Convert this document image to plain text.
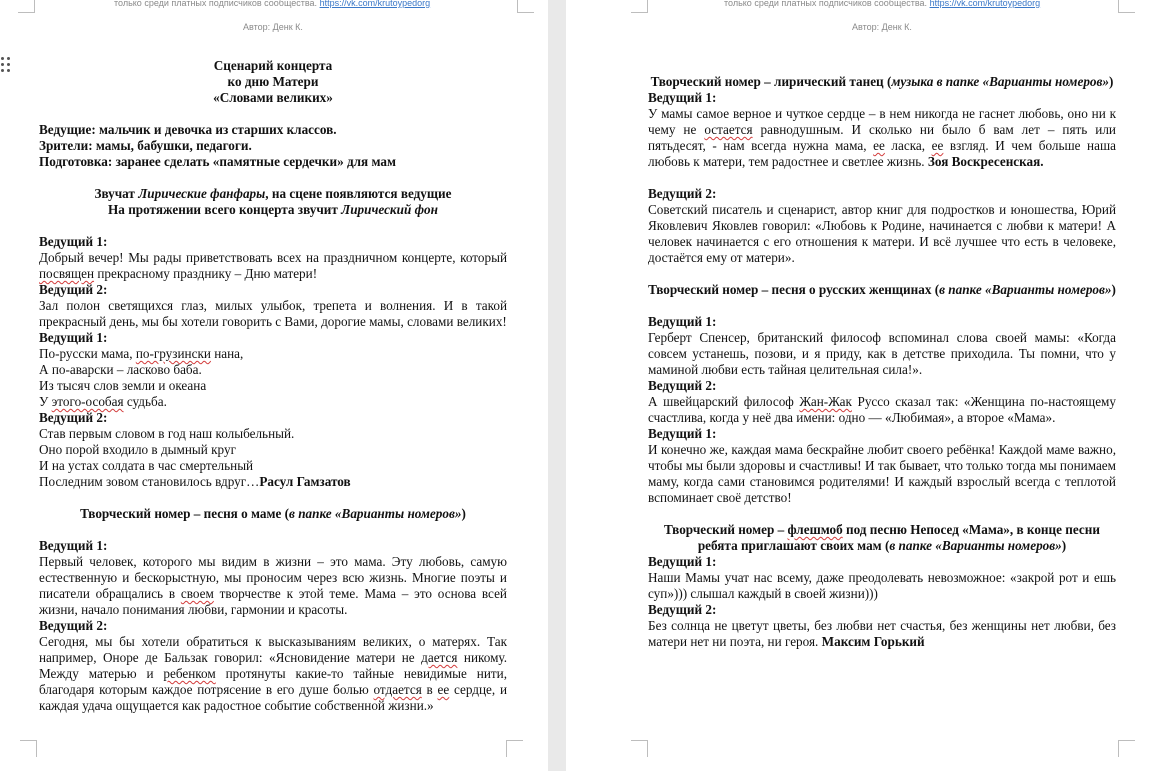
только среди платных подписчиков сообщества. https://vk.com/krutoypedorg
Автор: Денк К.

Сценарий концерта

ко дню Матери

«Словами великих»

Ведущие: мальчик и девочка из старших классов.

Зрители: мамы, бабушки, педагоги.

Подготовка: заранее сделать «памятные сердечки» для мам

Звучат Лирические фанфары, на сцене появляются ведущие

На протяжении всего концерта звучит Лирический фон

Ведущий 1:

Добрый вечер! Мы рады приветствовать всех на праздничном концерте, который посвящен прекрасному празднику – Дню матери!

Ведущий 2:

Зал полон светящихся глаз, милых улыбок, трепета и волнения. И в такой прекрасный день, мы бы хотели говорить с Вами, дорогие мамы, словами великих!

Ведущий 1:

По-русски мама, по-грузински нана,

А по-аварски – ласково баба.

Из тысяч слов земли и океана

У этого-особая судьба.

Ведущий 2:

Став первым словом в год наш колыбельный.

Оно порой входило в дымный круг

И на устах солдата в час смертельный

Последним зовом становилось вдруг…Расул Гамзатов

Творческий номер – песня о маме (в папке «Варианты номеров»)

Ведущий 1:

Первый человек, которого мы видим в жизни – это мама. Эту любовь, самую естественную и бескорыстную, мы проносим через всю жизнь. Многие поэты и писатели обращались в своем творчестве к этой теме. Мама – это основа всей жизни, начало понимания любви, гармонии и красоты.

Ведущий 2:

Сегодня, мы бы хотели обратиться к высказываниям великих, о матерях. Так например, Оноре де Бальзак говорил: «Ясновидение матери не дается никому. Между матерью и ребенком протянуты какие-то тайные невидимые нити, благодаря которым каждое потрясение в его душе болью отдается в ее сердце, и каждая удача ощущается как радостное событие собственной жизни.»

только среди платных подписчиков сообщества. https://vk.com/krutoypedorg
Автор: Денк К.

Творческий номер – лирический танец (музыка в папке «Варианты номеров»)

Ведущий 1:

У мамы самое верное и чуткое сердце – в нем никогда не гаснет любовь, оно ни к чему не остается равнодушным. И сколько ни было б вам лет – пять или пятьдесят, - нам всегда нужна мама, ее ласка, ее взгляд. И чем больше наша любовь к матери, тем радостнее и светлее жизнь. Зоя Воскресенская.

Ведущий 2:

Советский писатель и сценарист, автор книг для подростков и юношества, Юрий Яковлевич Яковлев говорил: «Любовь к Родине, начинается с любви к матери! А человек начинается с его отношения к матери. И всё лучшее что есть в человеке, достаётся ему от матери».

Творческий номер – песня о русских женщинах (в папке «Варианты номеров»)

Ведущий 1:

Герберт Спенсер, британский философ вспоминал слова своей мамы: «Когда совсем устанешь, позови, и я приду, как в детстве приходила. Ты помни, что у маминой любви есть тайная целительная сила!».

Ведущий 2:

А швейцарский философ Жан-Жак Руссо сказал так: «Женщина по-настоящему счастлива, когда у неё два имени: одно — «Любимая», а второе «Мама».

Ведущий 1:

И конечно же, каждая мама бескрайне любит своего ребёнка! Каждой маме важно, чтобы мы были здоровы и счастливы! И так бывает, что только тогда мы понимаем маму, когда сами становимся родителями! И каждый взрослый всегда с теплотой вспоминает своё детство!

Творческий номер – флешмоб под песню Непосед «Мама», в конце песни ребята приглашают своих мам (в папке «Варианты номеров»)

Ведущий 1:

Наши Мамы учат нас всему, даже преодолевать невозможное: «закрой рот и ешь суп»))) слышал каждый в своей жизни)))

Ведущий 2:

Без солнца не цветут цветы, без любви нет счастья, без женщины нет любви, без матери нет ни поэта, ни героя. Максим Горький
